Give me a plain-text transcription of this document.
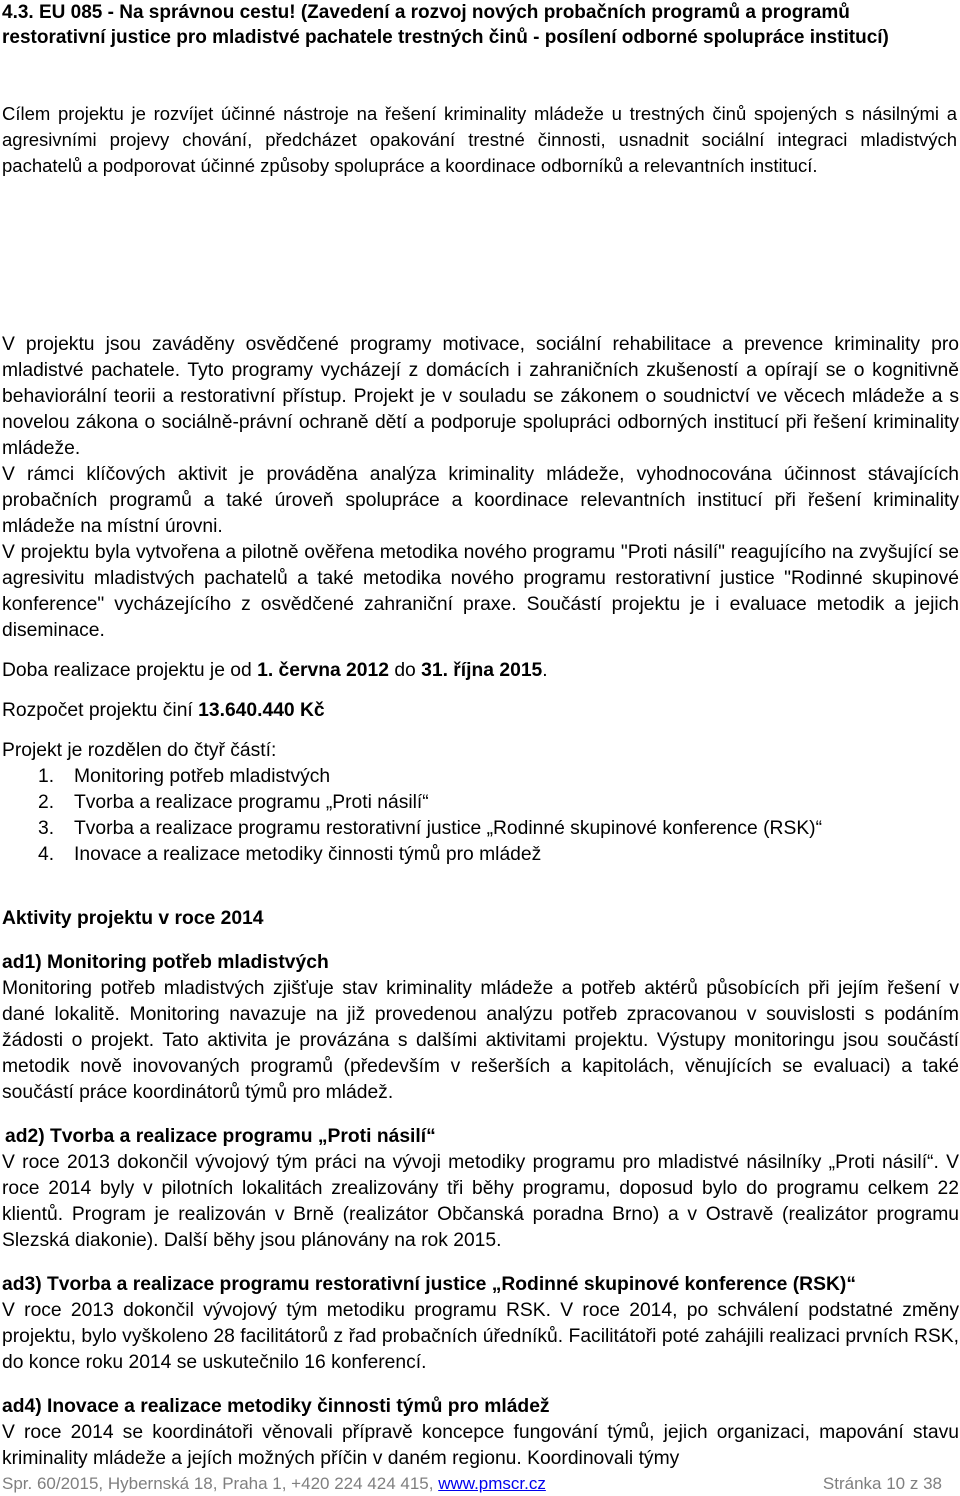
4.3. EU 085 - Na správnou cestu! (Zavedení a rozvoj nových probačních programů a programů restorativní justice pro mladistvé pachatele trestných činů - posílení odborné spolupráce institucí)

Cílem projektu je rozvíjet účinné nástroje na řešení kriminality mládeže u trestných činů spojených s násilnými a agresivními projevy chování, předcházet opakování trestné činnosti, usnadnit sociální integraci mladistvých pachatelů a podporovat účinné způsoby spolupráce a koordinace odborníků a relevantních institucí.

V projektu jsou zaváděny osvědčené programy motivace, sociální rehabilitace a prevence kriminality pro mladistvé pachatele. Tyto programy vycházejí z domácích i zahraničních zkušeností a opírají se o kognitivně behaviorální teorii a restorativní přístup. Projekt je v souladu se zákonem o soudnictví ve věcech mládeže a s novelou zákona o sociálně-právní ochraně dětí a podporuje spolupráci odborných institucí při řešení kriminality mládeže.

V rámci klíčových aktivit je prováděna analýza kriminality mládeže, vyhodnocována účinnost stávajících probačních programů a také úroveň spolupráce a koordinace relevantních institucí při řešení kriminality mládeže na místní úrovni.

V projektu byla vytvořena a pilotně ověřena metodika nového programu "Proti násilí" reagujícího na zvyšující se agresivitu mladistvých pachatelů a také metodika nového programu restorativní justice "Rodinné skupinové konference" vycházejícího z osvědčené zahraniční praxe. Součástí projektu je i evaluace metodik a jejich diseminace.

Doba realizace projektu je od 1. června 2012 do 31. října 2015.

Rozpočet projektu činí 13.640.440 Kč

Projekt je rozdělen do čtyř částí:

1. Monitoring potřeb mladistvých
2. Tvorba a realizace programu „Proti násilí“
3. Tvorba a realizace programu restorativní justice „Rodinné skupinové konference (RSK)“
4. Inovace a realizace metodiky činnosti týmů pro mládež

Aktivity projektu v roce 2014

ad1) Monitoring potřeb mladistvých

Monitoring potřeb mladistvých zjišťuje stav kriminality mládeže a potřeb aktérů působících při jejím řešení v dané lokalitě. Monitoring navazuje na již provedenou analýzu potřeb zpracovanou v souvislosti s podáním žádosti o projekt. Tato aktivita je provázána s dalšími aktivitami projektu. Výstupy monitoringu jsou součástí metodik nově inovovaných programů (především v rešerších a kapitolách, věnujících se evaluaci) a také součástí práce koordinátorů týmů pro mládež.

ad2) Tvorba a realizace programu „Proti násilí“

V roce 2013 dokončil vývojový tým práci na vývoji metodiky programu pro mladistvé násilníky „Proti násilí“. V roce 2014 byly v pilotních lokalitách zrealizovány tři běhy programu, doposud bylo do programu celkem 22 klientů. Program je realizován v Brně (realizátor Občanská poradna Brno) a v Ostravě (realizátor programu Slezská diakonie). Další běhy jsou plánovány na rok 2015.

ad3) Tvorba a realizace programu restorativní justice „Rodinné skupinové konference (RSK)“

V roce 2013 dokončil vývojový tým metodiku programu RSK. V roce 2014, po schválení podstatné změny projektu, bylo vyškoleno 28 facilitátorů z řad probačních úředníků. Facilitátoři poté zahájili realizaci prvních RSK, do konce roku 2014 se uskutečnilo 16 konferencí.

ad4) Inovace a realizace metodiky činnosti týmů pro mládež

V roce 2014 se koordinátoři věnovali přípravě koncepce fungování týmů, jejich organizaci, mapování stavu kriminality mládeže a jejích možných příčin v daném regionu. Koordinovali týmy

Spr. 60/2015, Hybernská 18, Praha 1, +420 224 424 415, www.pmscr.cz	Stránka 10 z 38
